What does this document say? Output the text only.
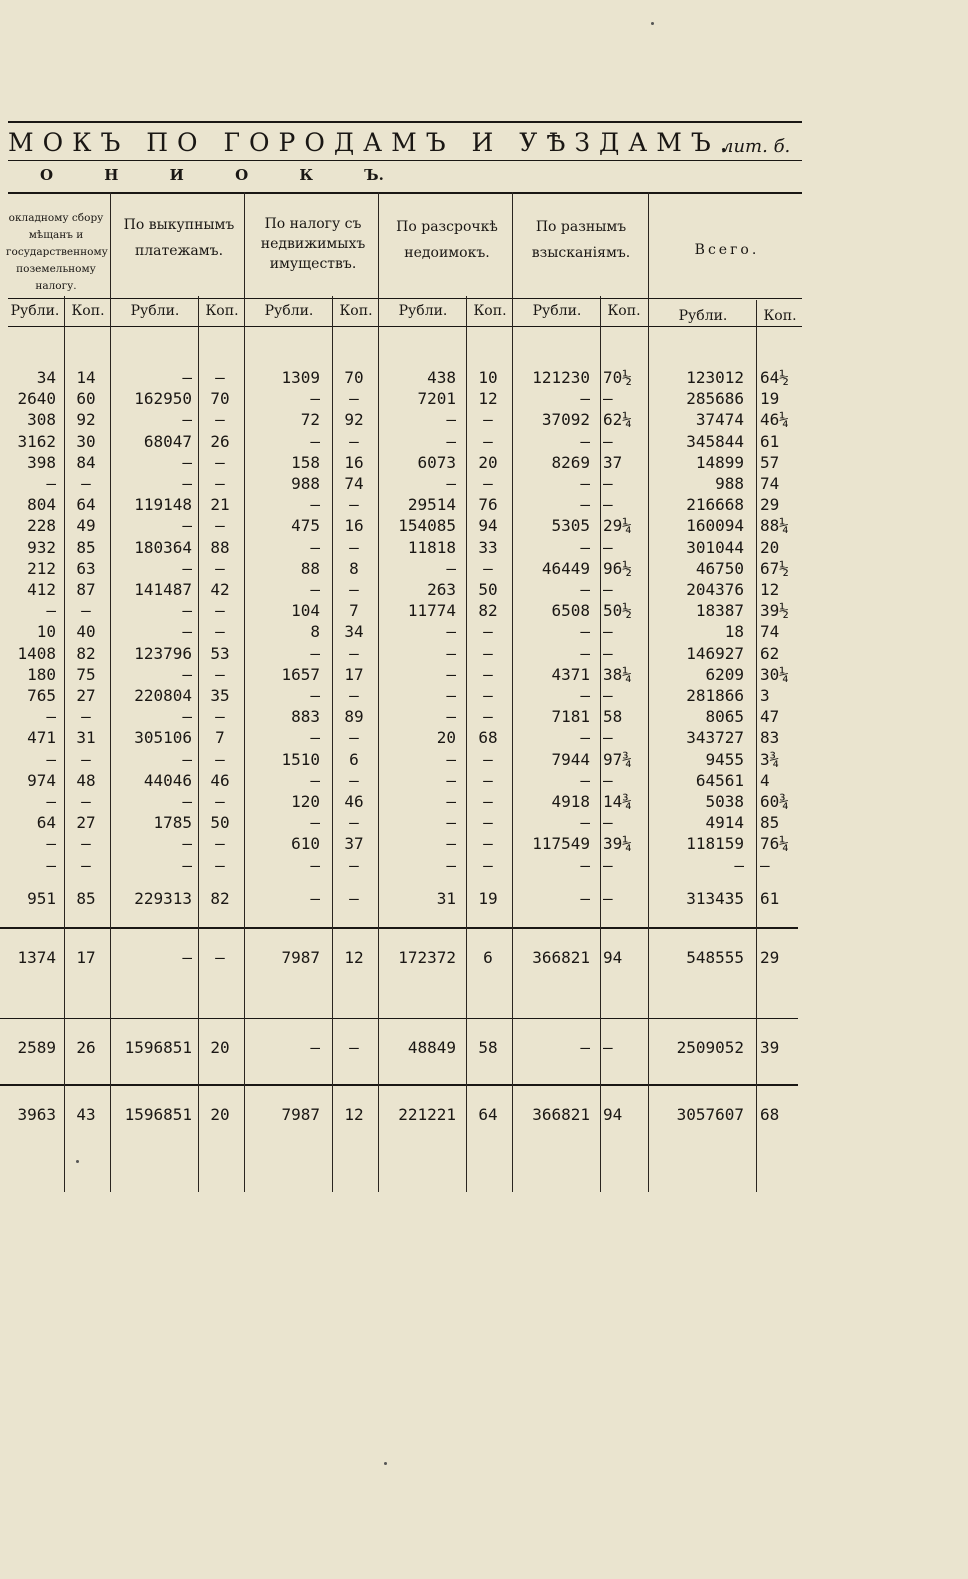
МОКЪ ПО ГОРОДАМЪ И УѢЗДАМЪ.
лит. б.
О Н И О К Ъ.
окладному сбору мѣщанъ и государственному поземельному налогу.
По выкупнымъ платежамъ.
По налогу съ недвижимыхъ имуществъ.
По разсрочкѣ недоимокъ.
По разнымъ взысканіямъ.	Всего.
Рубли. Коп.	Рубли.	Коп.	Рубли.	Коп.	Рубли.	Коп.	Рубли.	Коп.	Рубли.	Коп.
34	14	—	—	1309	70	438	10	121230 70½	123012 64½
2640	60	162950	70	—	—	7201	12	— —	285686 19
308	92	—	—	72	92	—	—	37092 62¼	37474 46¼
3162	30	68047	26	—	—	—	—	— —	345844 61
398	84	—	—	158	16	6073	20	8269 37	14899 57
—	—	—	—	988	74	—	—	— —	988 74
804	64	119148	21	—	—	29514	76	— —	216668 29
228	49	—	—	475	16	154085	94	5305 29¼	160094 88¼
932	85	180364	88	—	—	11818	33	— —	301044 20
212	63	—	—	88	8	—	—	46449 96½	46750 67½
412	87	141487	42	—	—	263	50	— —	204376 12
—	—	—	—	104	7	11774	82	6508 50½	18387 39½
10	40	—	—	8	34	—	—	— —	18 74
1408	82	123796	53	—	—	—	—	— —	146927 62
180	75	—	—	1657	17	—	—	4371 38¼	6209 30¼
765	27	220804	35	—	—	—	—	— —	281866 3
—	—	—	—	883	89	—	—	7181 58	8065 47
471	31	305106	7	—	—	20	68	— —	343727 83
—	—	—	—	1510	6	—	—	7944 97¾	9455 3¾
974	48	44046	46	—	—	—	—	— —	64561 4
—	—	—	—	120	46	—	—	4918 14¾	5038 60¾
64	27	1785	50	—	—	—	—	— —	4914 85
—	—	—	—	610	37	—	—	117549 39¼	118159 76¼
—	—	—	—	—	—	—	—	— —	— —
951	85	229313	82	—	—	31	19	— —	313435 61
1374	17	—	—	7987	12	172372	6	366821 94	548555 29
2589	26	1596851	20	—	—	48849	58	— —	2509052 39
3963	43	1596851	20	7987	12	221221	64	366821 94	3057607 68
